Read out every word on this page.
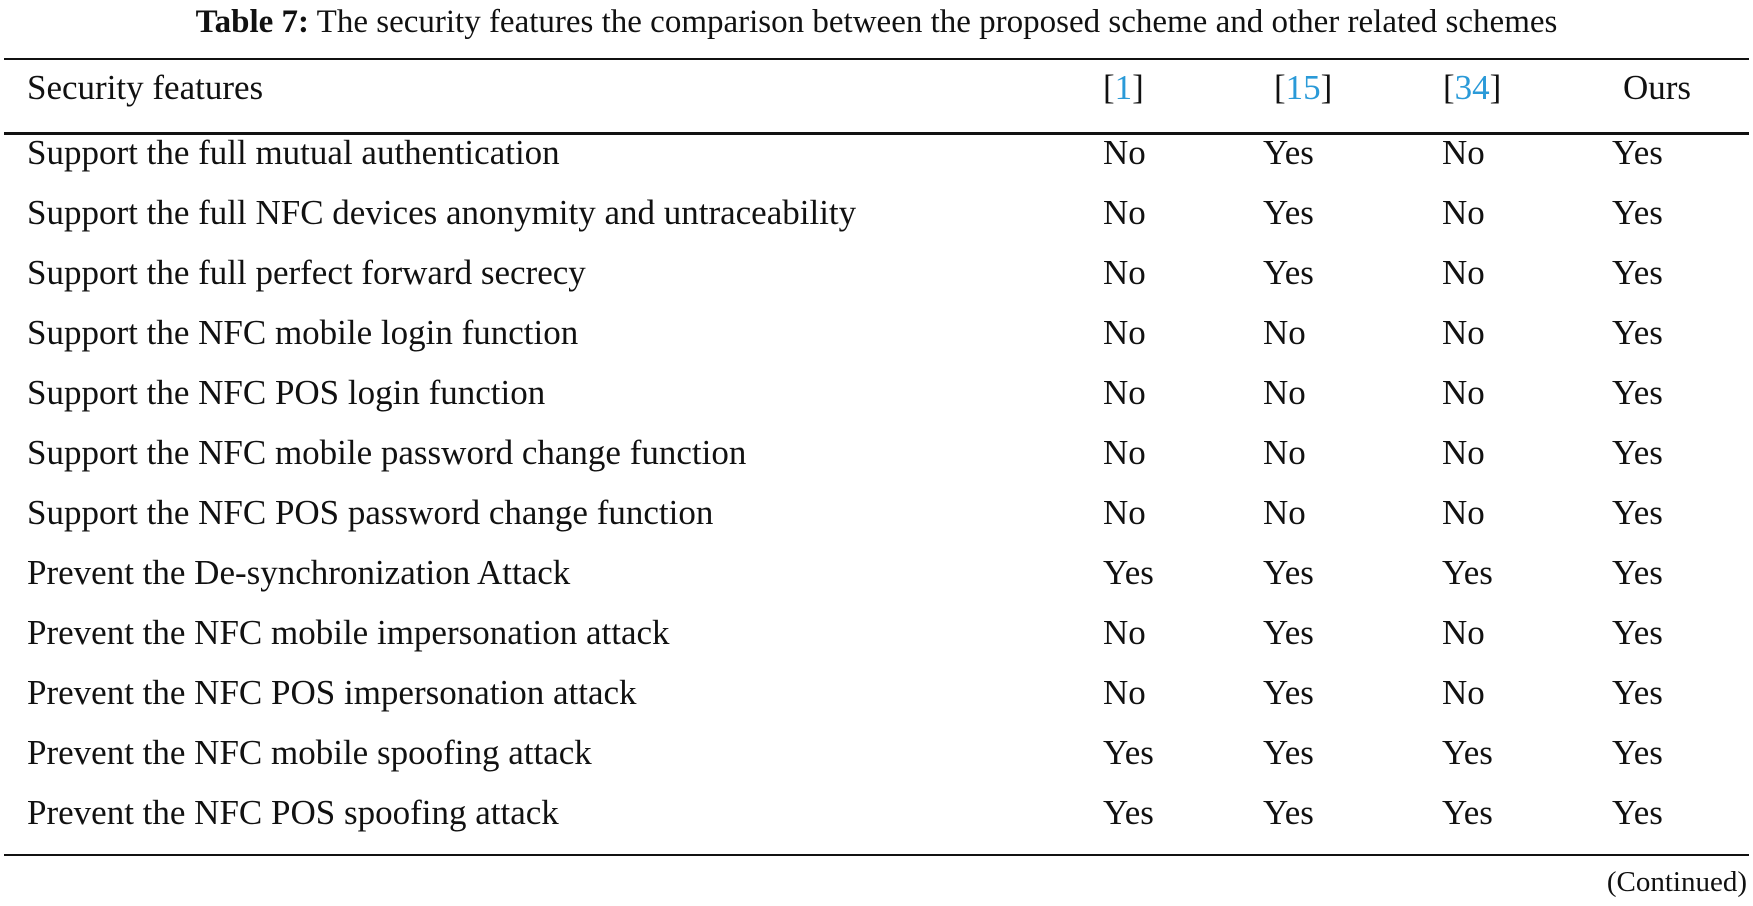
Table 7: The security features the comparison between the proposed scheme and other related schemes
Security features	[1]	[15]	[34]	Ours
Support the full mutual authentication	No	Yes	No	Yes
Support the full NFC devices anonymity and untraceability	No	Yes	No	Yes
Support the full perfect forward secrecy	No	Yes	No	Yes
Support the NFC mobile login function	No	No	No	Yes
Support the NFC POS login function	No	No	No	Yes
Support the NFC mobile password change function	No	No	No	Yes
Support the NFC POS password change function	No	No	No	Yes
Prevent the De-synchronization Attack	Yes	Yes	Yes	Yes
Prevent the NFC mobile impersonation attack	No	Yes	No	Yes
Prevent the NFC POS impersonation attack	No	Yes	No	Yes
Prevent the NFC mobile spoofing attack	Yes	Yes	Yes	Yes
Prevent the NFC POS spoofing attack	Yes	Yes	Yes	Yes
(Continued)
